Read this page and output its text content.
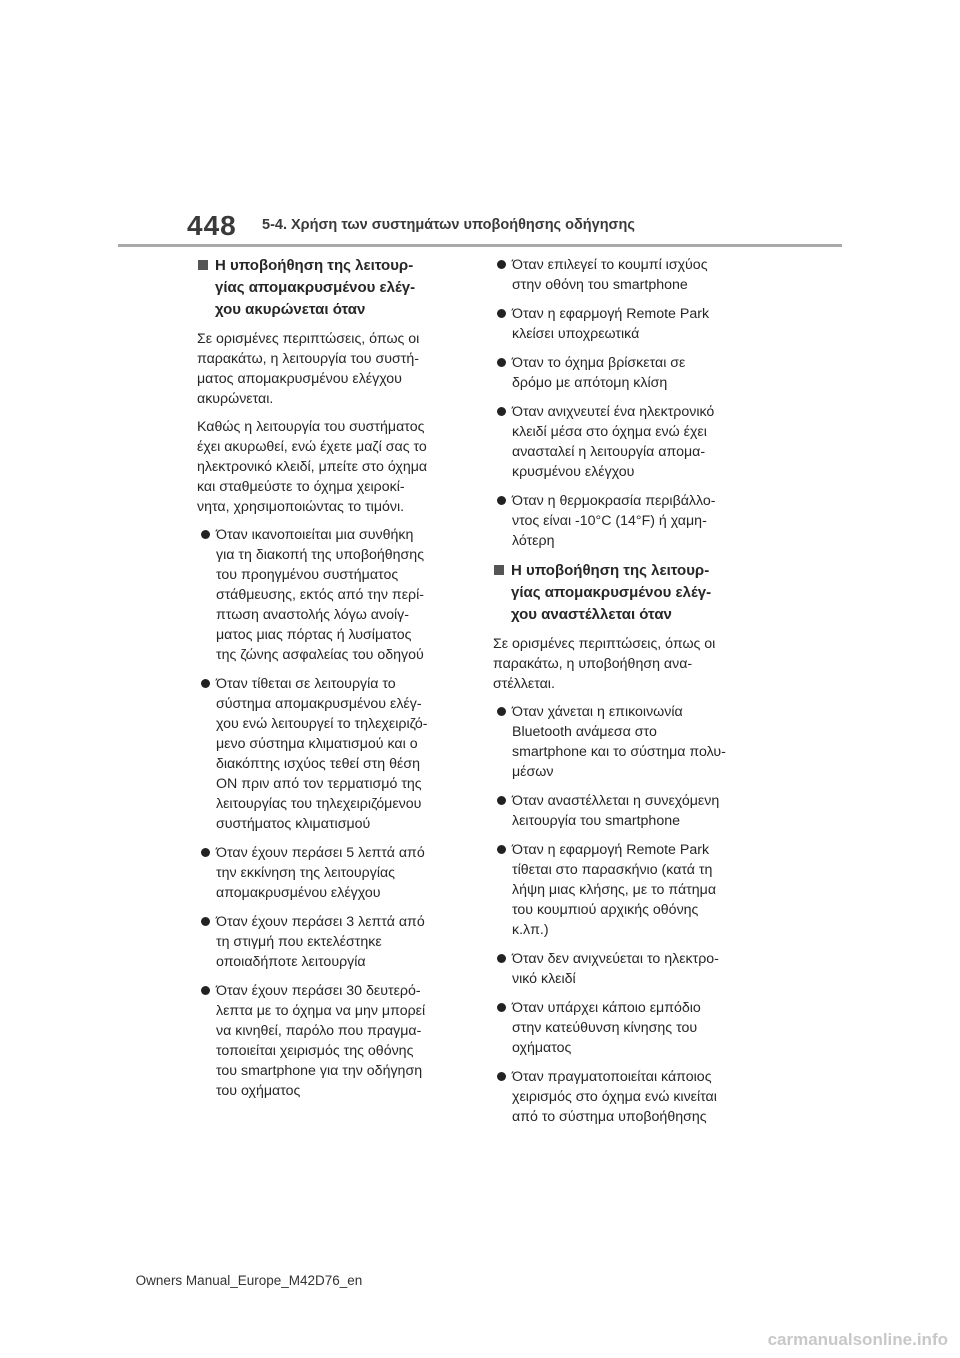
448 5-4. Χρήση των συστημάτων υποβοήθησης οδήγησης
Η υποβοήθηση της λειτουρ-
γίας απομακρυσμένου ελέγ-
χου ακυρώνεται όταν
Σε ορισμένες περιπτώσεις, όπως οι
παρακάτω, η λειτουργία του συστή-
ματος απομακρυσμένου ελέγχου
ακυρώνεται.
Καθώς η λειτουργία του συστήματος
έχει ακυρωθεί, ενώ έχετε μαζί σας το
ηλεκτρονικό κλειδί, μπείτε στο όχημα
και σταθμεύστε το όχημα χειροκί-
νητα, χρησιμοποιώντας το τιμόνι.
Όταν ικανοποιείται μια συνθήκη
για τη διακοπή της υποβοήθησης
του προηγμένου συστήματος
στάθμευσης, εκτός από την περί-
πτωση αναστολής λόγω ανοίγ-
ματος μιας πόρτας ή λυσίματος
της ζώνης ασφαλείας του οδηγού
Όταν τίθεται σε λειτουργία το
σύστημα απομακρυσμένου ελέγ-
χου ενώ λειτουργεί το τηλεχειριζό-
μενο σύστημα κλιματισμού και ο
διακόπτης ισχύος τεθεί στη θέση
ON πριν από τον τερματισμό της
λειτουργίας του τηλεχειριζόμενου
συστήματος κλιματισμού
Όταν έχουν περάσει 5 λεπτά από
την εκκίνηση της λειτουργίας
απομακρυσμένου ελέγχου
Όταν έχουν περάσει 3 λεπτά από
τη στιγμή που εκτελέστηκε
οποιαδήποτε λειτουργία
Όταν έχουν περάσει 30 δευτερό-
λεπτα με το όχημα να μην μπορεί
να κινηθεί, παρόλο που πραγμα-
τοποιείται χειρισμός της οθόνης
του smartphone για την οδήγηση
του οχήματος
Όταν επιλεγεί το κουμπί ισχύος
στην οθόνη του smartphone
Όταν η εφαρμογή Remote Park
κλείσει υποχρεωτικά
Όταν το όχημα βρίσκεται σε
δρόμο με απότομη κλίση
Όταν ανιχνευτεί ένα ηλεκτρονικό
κλειδί μέσα στο όχημα ενώ έχει
ανασταλεί η λειτουργία απομα-
κρυσμένου ελέγχου
Όταν η θερμοκρασία περιβάλλο-
ντος είναι -10°C (14°F) ή χαμη-
λότερη
Η υποβοήθηση της λειτουρ-
γίας απομακρυσμένου ελέγ-
χου αναστέλλεται όταν
Σε ορισμένες περιπτώσεις, όπως οι
παρακάτω, η υποβοήθηση ανα-
στέλλεται.
Όταν χάνεται η επικοινωνία
Bluetooth ανάμεσα στο
smartphone και το σύστημα πολυ-
μέσων
Όταν αναστέλλεται η συνεχόμενη
λειτουργία του smartphone
Όταν η εφαρμογή Remote Park
τίθεται στο παρασκήνιο (κατά τη
λήψη μιας κλήσης, με το πάτημα
του κουμπιού αρχικής οθόνης
κ.λπ.)
Όταν δεν ανιχνεύεται το ηλεκτρο-
νικό κλειδί
Όταν υπάρχει κάποιο εμπόδιο
στην κατεύθυνση κίνησης του
οχήματος
Όταν πραγματοποιείται κάποιος
χειρισμός στο όχημα ενώ κινείται
από το σύστημα υποβοήθησης
Owners Manual_Europe_M42D76_en
carmanualsonline.info
